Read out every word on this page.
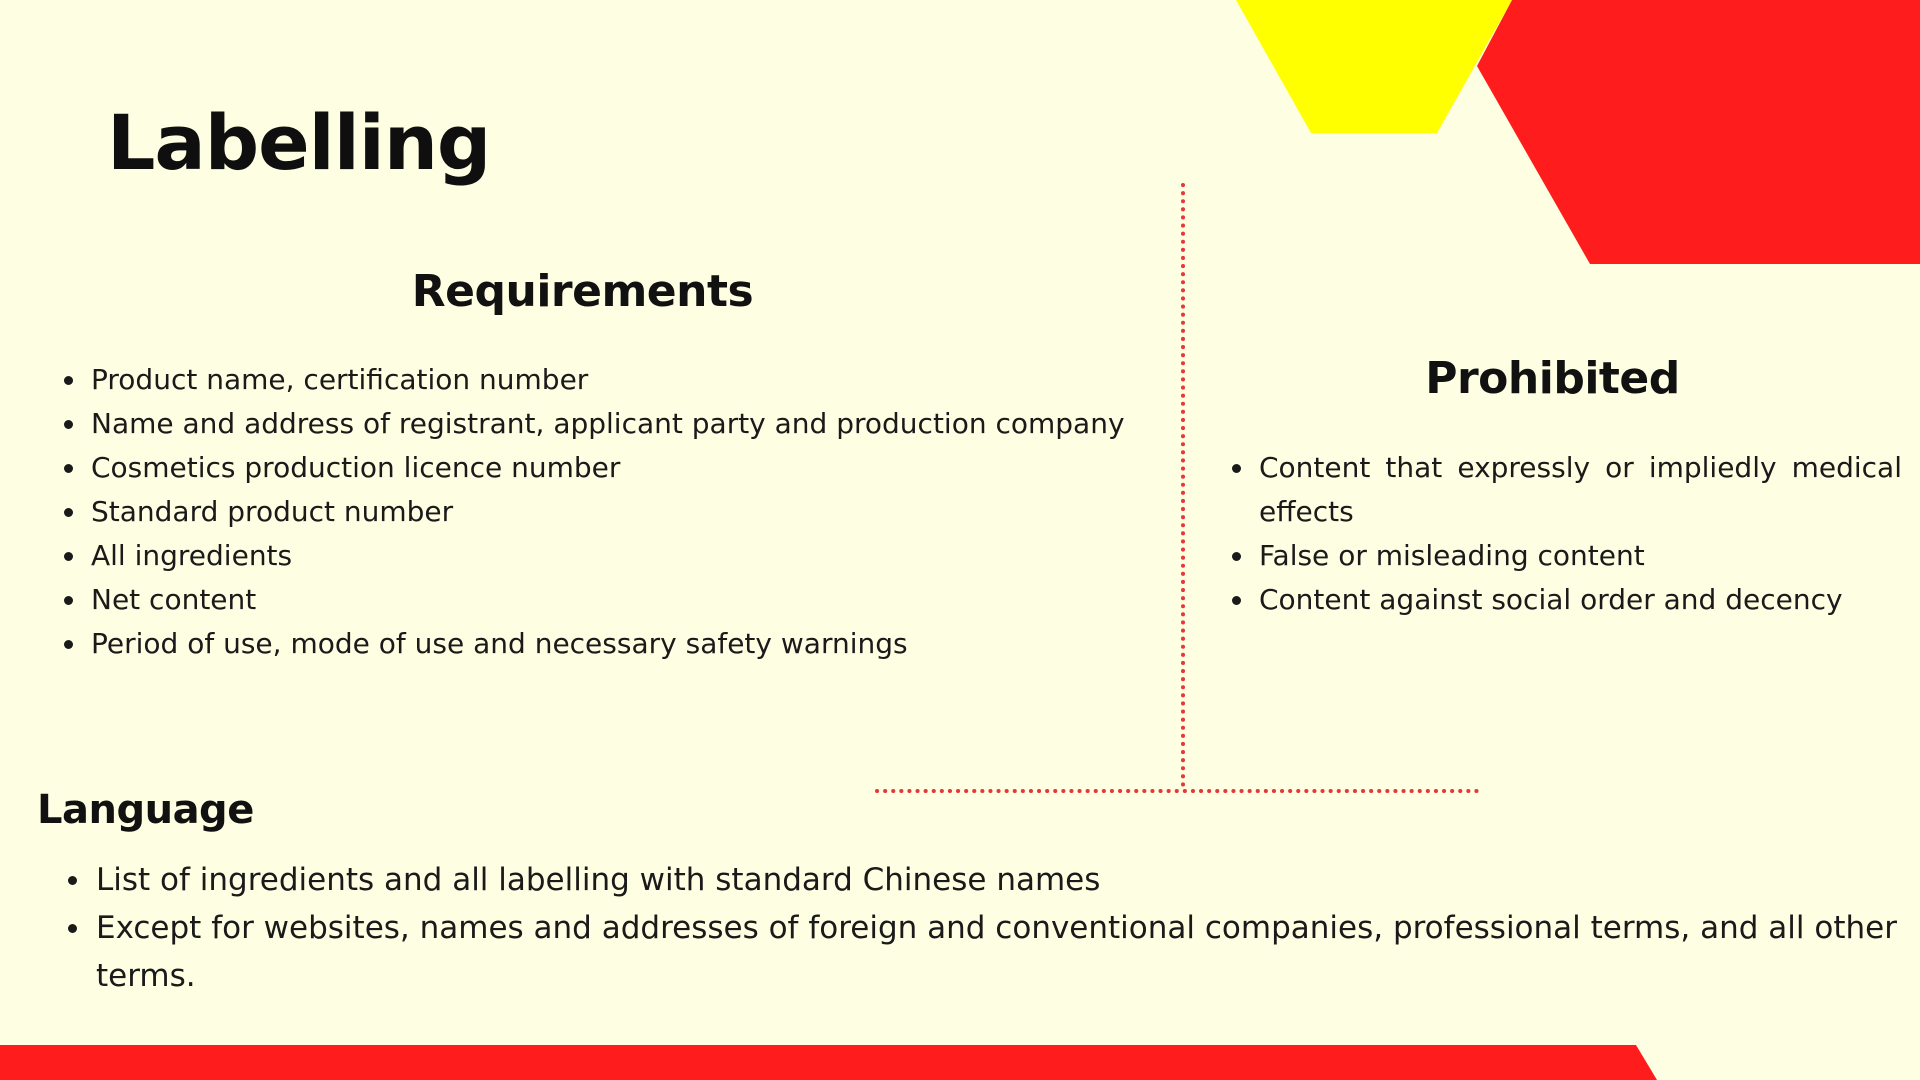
Labelling
Requirements
Product name, certification number
Name and address of registrant, applicant party and production company
Cosmetics production licence number
Standard product number
All ingredients
Net content
Period of use, mode of use and necessary safety warnings
Prohibited
Content that expressly or impliedly medical effects
False or misleading content
Content against social order and decency
Language
List of ingredients and all labelling with standard Chinese names
Except for websites, names and addresses of foreign and conventional companies, professional terms, and all other terms.
